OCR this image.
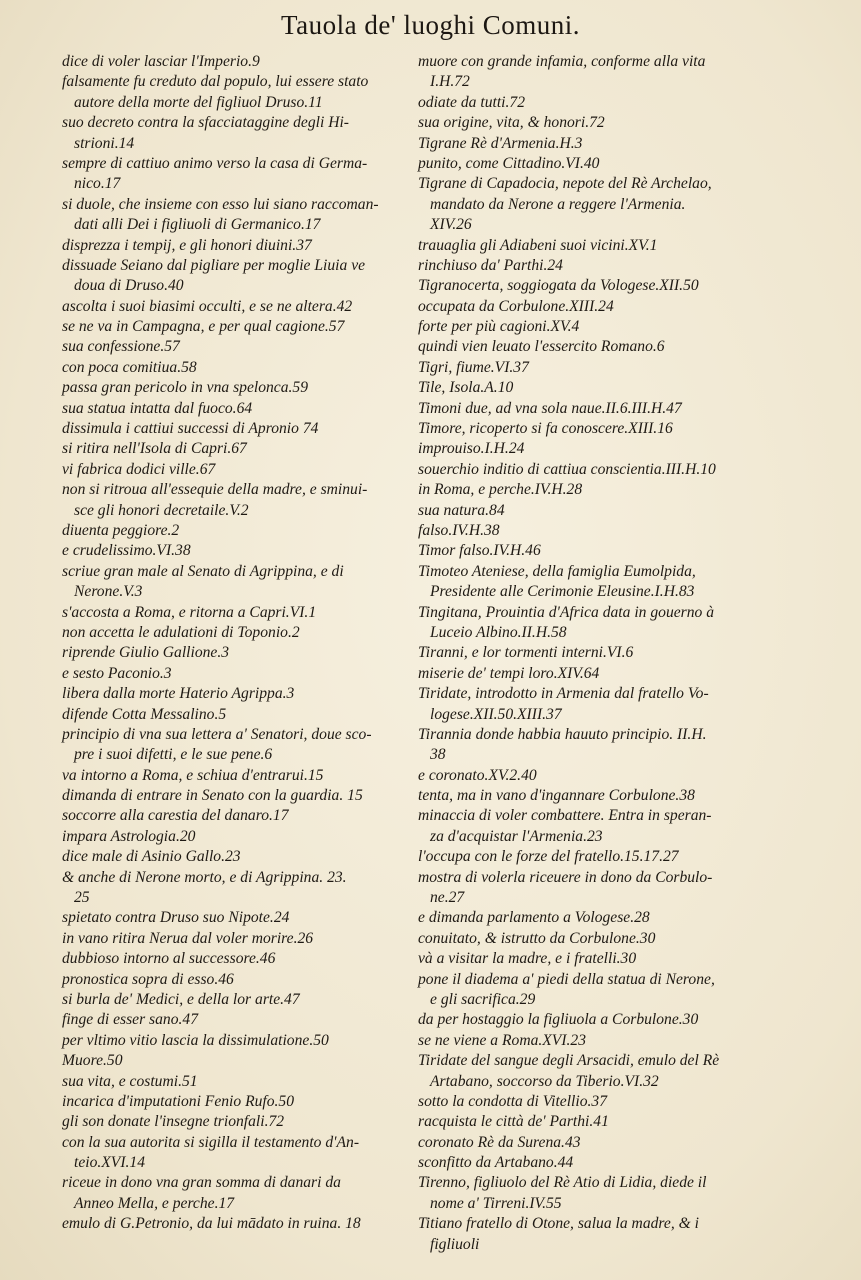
Tauola de' luoghi Comuni.
dice di voler lasciar l'Imperio.9
falsamente fu creduto dal populo, lui essere stato
autore della morte del figliuol Druso.11
suo decreto contra la sfacciataggine degli Hi-
strioni.14
sempre di cattiuo animo verso la casa di Germa-
nico.17
si duole, che insieme con esso lui siano raccoman-
dati alli Dei i figliuoli di Germanico.17
disprezza i tempij, e gli honori diuini.37
dissuade Seiano dal pigliare per moglie Liuia ve
doua di Druso.40
ascolta i suoi biasimi occulti, e se ne altera.42
se ne va in Campagna, e per qual cagione.57
sua confessione.57
con poca comitiua.58
passa gran pericolo in vna spelonca.59
sua statua intatta dal fuoco.64
dissimula i cattiui successi di Apronio 74
si ritira nell'Isola di Capri.67
vi fabrica dodici ville.67
non si ritroua all'essequie della madre, e sminui-
sce gli honori decretaile.V.2
diuenta peggiore.2
e crudelissimo.VI.38
scriue gran male al Senato di Agrippina, e di
Nerone.V.3
s'accosta a Roma, e ritorna a Capri.VI.1
non accetta le adulationi di Toponio.2
riprende Giulio Gallione.3
e sesto Paconio.3
libera dalla morte Haterio Agrippa.3
difende Cotta Messalino.5
principio di vna sua lettera a' Senatori, doue sco-
pre i suoi difetti, e le sue pene.6
va intorno a Roma, e schiua d'entrarui.15
dimanda di entrare in Senato con la guardia. 15
soccorre alla carestia del danaro.17
impara Astrologia.20
dice male di Asinio Gallo.23
& anche di Nerone morto, e di Agrippina. 23.
25
spietato contra Druso suo Nipote.24
in vano ritira Nerua dal voler morire.26
dubbioso intorno al successore.46
pronostica sopra di esso.46
si burla de' Medici, e della lor arte.47
finge di esser sano.47
per vltimo vitio lascia la dissimulatione.50
Muore.50
sua vita, e costumi.51
incarica d'imputationi Fenio Rufo.50
gli son donate l'insegne trionfali.72
con la sua autorita si sigilla il testamento d'An-
teio.XVI.14
riceue in dono vna gran somma di danari da
Anneo Mella, e perche.17
emulo di G.Petronio, da lui mādato in ruina. 18
muore con grande infamia, conforme alla vita
I.H.72
odiate da tutti.72
sua origine, vita, & honori.72
Tigrane Rè d'Armenia.H.3
punito, come Cittadino.VI.40
Tigrane di Capadocia, nepote del Rè Archelao,
mandato da Nerone a reggere l'Armenia.
XIV.26
trauaglia gli Adiabeni suoi vicini.XV.1
rinchiuso da' Parthi.24
Tigranocerta, soggiogata da Vologese.XII.50
occupata da Corbulone.XIII.24
forte per più cagioni.XV.4
quindi vien leuato l'essercito Romano.6
Tigri, fiume.VI.37
Tile, Isola.A.10
Timoni due, ad vna sola naue.II.6.III.H.47
Timore, ricoperto si fa conoscere.XIII.16
improuiso.I.H.24
souerchio inditio di cattiua conscientia.III.H.10
in Roma, e perche.IV.H.28
sua natura.84
falso.IV.H.38
Timor falso.IV.H.46
Timoteo Ateniese, della famiglia Eumolpida,
Presidente alle Cerimonie Eleusine.I.H.83
Tingitana, Prouintia d'Africa data in gouerno à
Luceio Albino.II.H.58
Tiranni, e lor tormenti interni.VI.6
miserie de' tempi loro.XIV.64
Tiridate, introdotto in Armenia dal fratello Vo-
logese.XII.50.XIII.37
Tirannia donde habbia hauuto principio. II.H.
38
e coronato.XV.2.40
tenta, ma in vano d'ingannare Corbulone.38
minaccia di voler combattere. Entra in speran-
za d'acquistar l'Armenia.23
l'occupa con le forze del fratello.15.17.27
mostra di volerla riceuere in dono da Corbulo-
ne.27
e dimanda parlamento a Vologese.28
conuitato, & istrutto da Corbulone.30
và a visitar la madre, e i fratelli.30
pone il diadema a' piedi della statua di Nerone,
e gli sacrifica.29
da per hostaggio la figliuola a Corbulone.30
se ne viene a Roma.XVI.23
Tiridate del sangue degli Arsacidi, emulo del Rè
Artabano, soccorso da Tiberio.VI.32
sotto la condotta di Vitellio.37
racquista le città de' Parthi.41
coronato Rè da Surena.43
sconfitto da Artabano.44
Tirenno, figliuolo del Rè Atio di Lidia, diede il
nome a' Tirreni.IV.55
Titiano fratello di Otone, salua la madre, & i
figliuoli
